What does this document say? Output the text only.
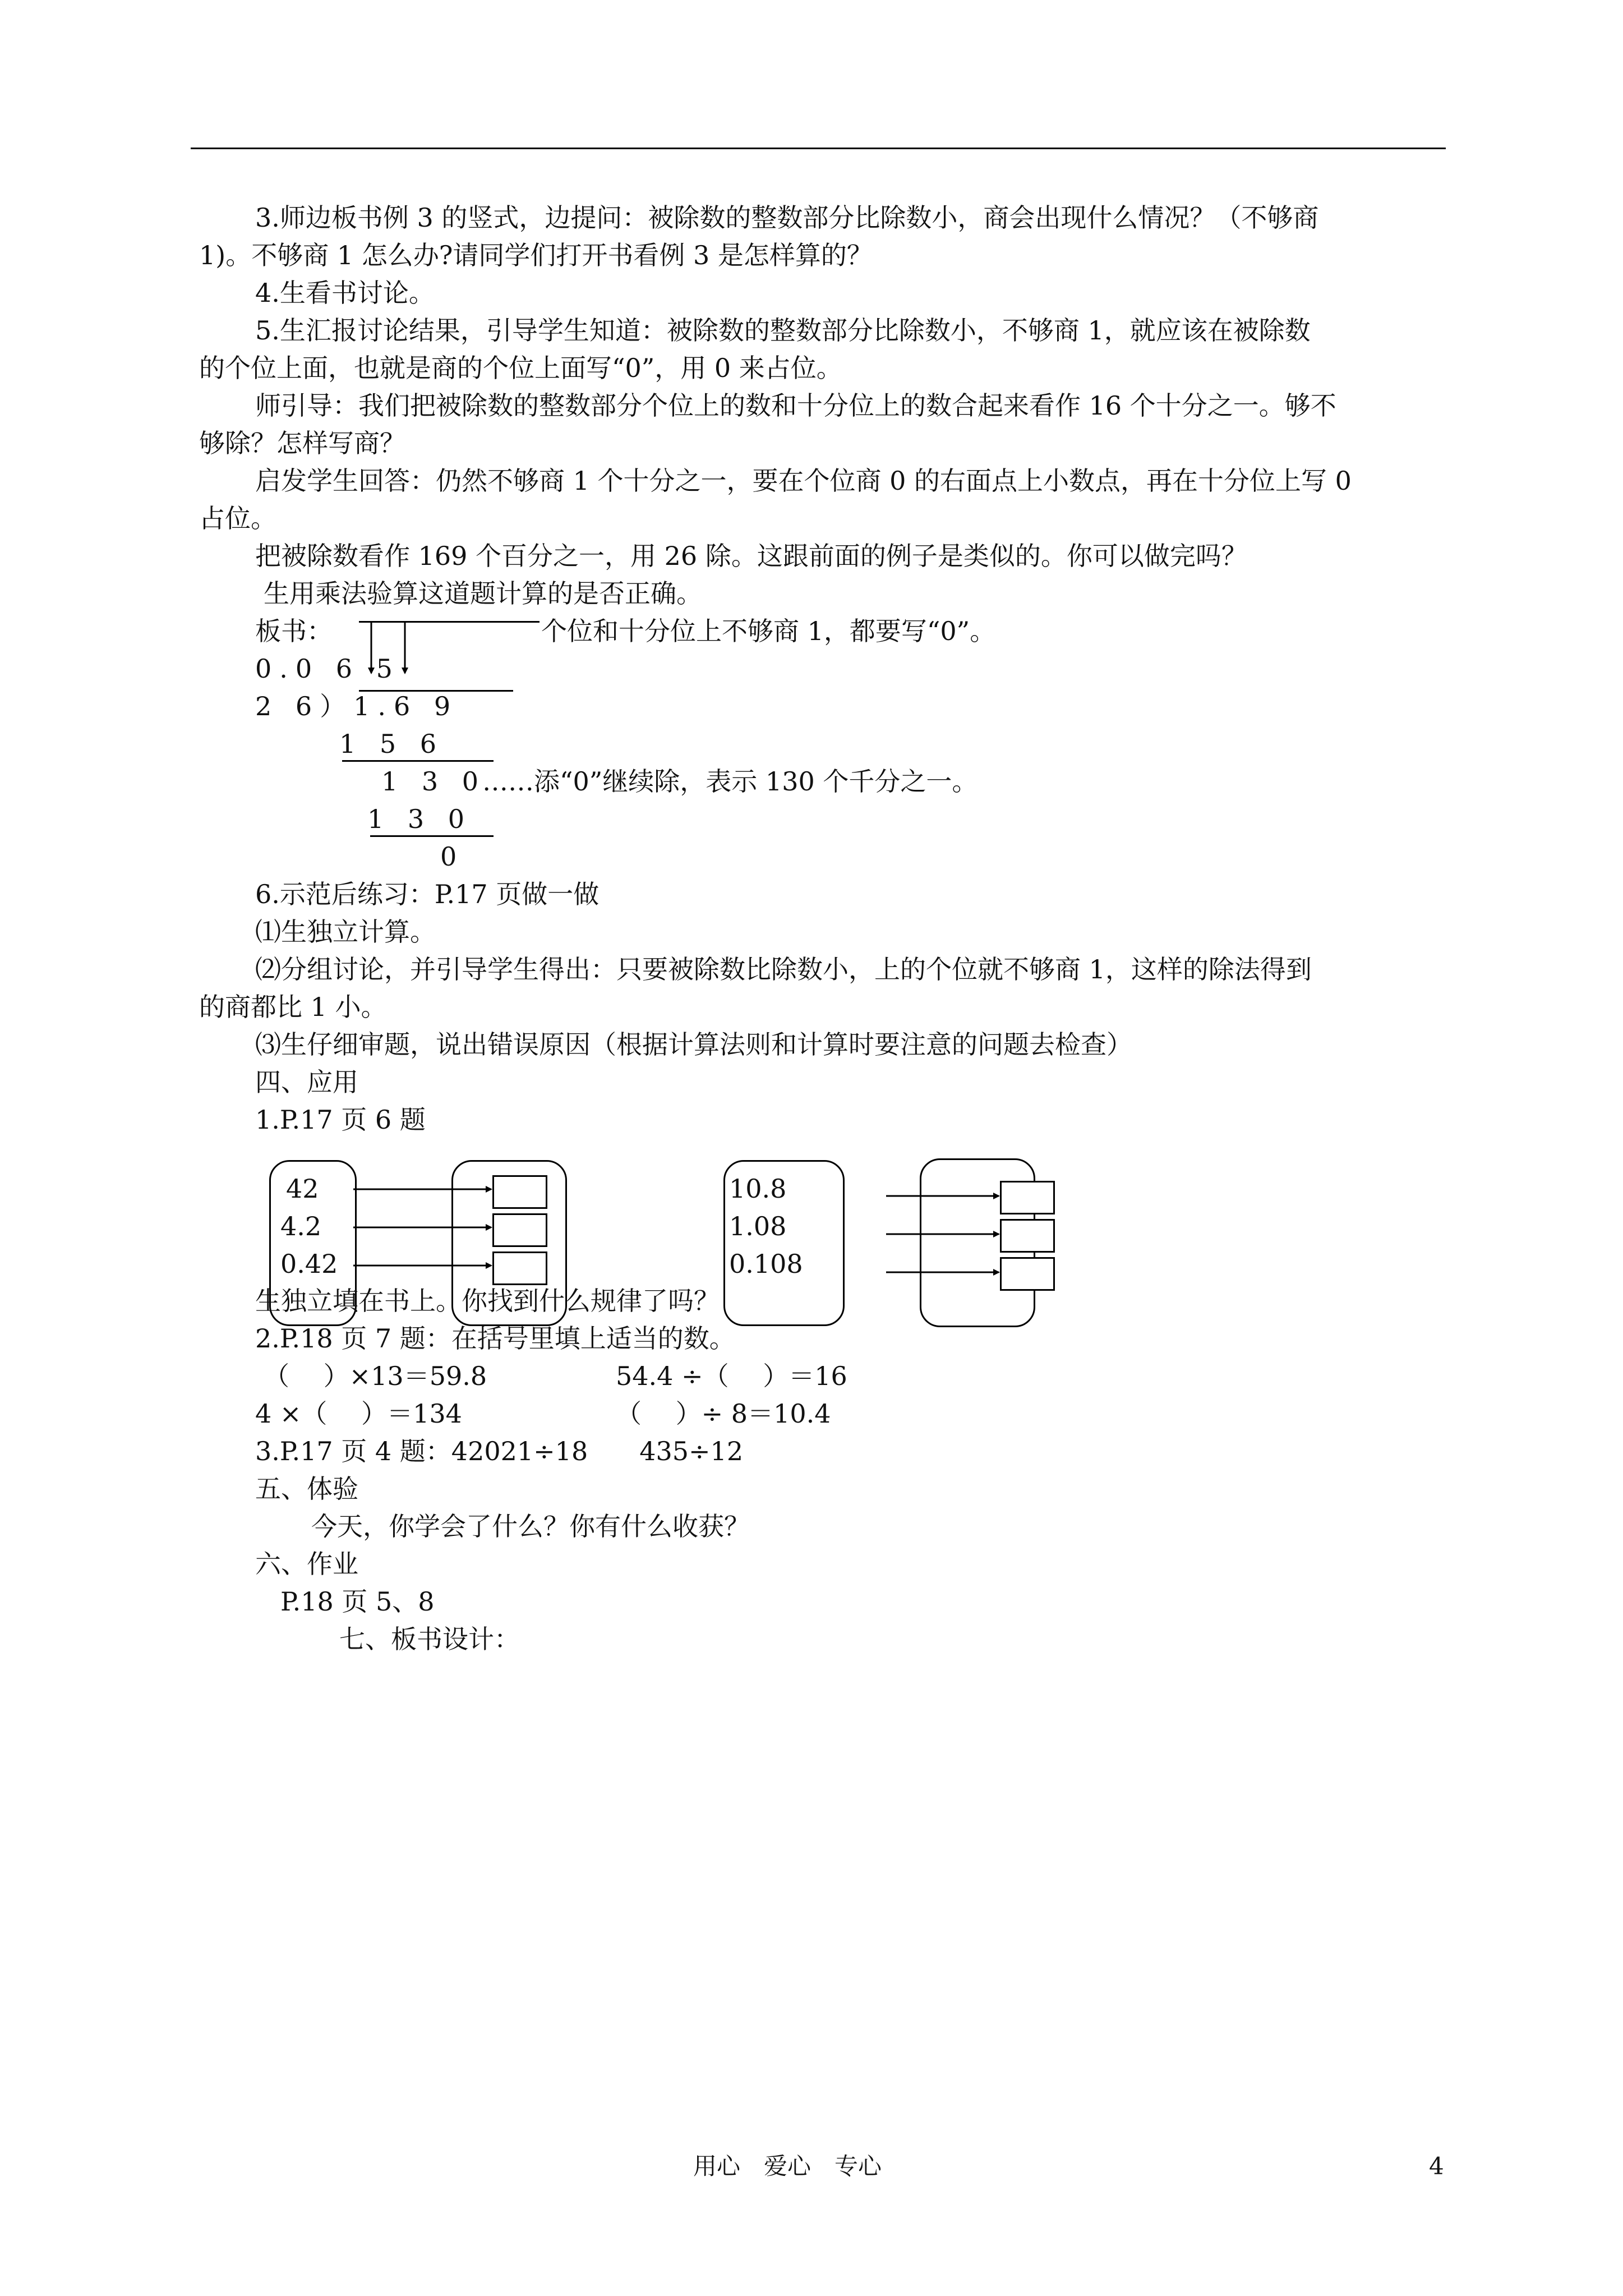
3.师边板书例 3 的竖式，边提问：被除数的整数部分比除数小，商会出现什么情况？（不够商
1)。不够商 1 怎么办?请同学们打开书看例 3 是怎样算的？
4.生看书讨论。
5.生汇报讨论结果，引导学生知道：被除数的整数部分比除数小，不够商 1，就应该在被除数
的个位上面，也就是商的个位上面写“0”，用 0 来占位。
师引导：我们把被除数的整数部分个位上的数和十分位上的数合起来看作 16 个十分之一。够不
够除？怎样写商？
启发学生回答：仍然不够商 1 个十分之一，要在个位商 0 的右面点上小数点，再在十分位上写 0
占位。
把被除数看作 169 个百分之一，用 26 除。这跟前面的例子是类似的。你可以做完吗？
生用乘法验算这道题计算的是否正确。
板书：	个位和十分位上不够商 1，都要写“0”。
0.0 6 5
2 6）1.6 9
1 5 6
1 3 0
……添“0”继续除，表示 130 个千分之一。
1 3 0
0
6.示范后练习：P.17 页做一做
⑴生独立计算。
⑵分组讨论，并引导学生得出：只要被除数比除数小，上的个位就不够商 1，这样的除法得到
的商都比 1 小。
⑶生仔细审题，说出错误原因（根据计算法则和计算时要注意的问题去检查）
四、应用
1.P.17 页 6 题
42
4.2
0.42
10.8
1.08
0.108
生独立填在书上。你找到什么规律了吗？
2.P.18 页 7 题：在括号里填上适当的数。
（　 ）×13＝59.8	54.4 ÷（　 ）＝16
4 ×（　 ）＝134	（　 ）÷ 8＝10.4
3.P.17 页 4 题：42021÷18　　435÷12
五、体验
今天，你学会了什么？你有什么收获？
六、作业
P.18 页 5、8
七、板书设计：
用心　爱心　专心	4
